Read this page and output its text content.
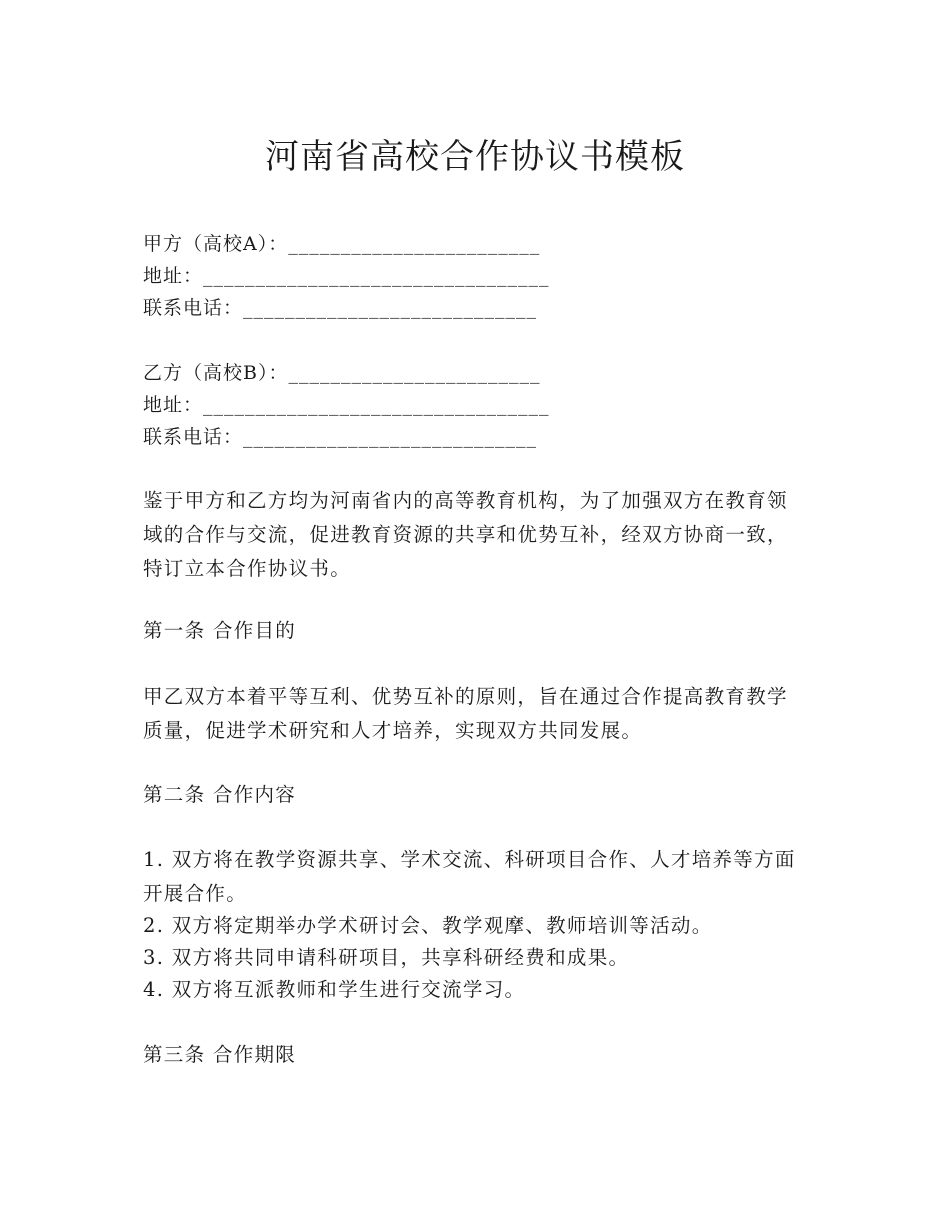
河南省高校合作协议书模板
甲方（高校A）：________________________
地址：_________________________________
联系电话：____________________________
乙方（高校B）：________________________
地址：_________________________________
联系电话：____________________________
鉴于甲方和乙方均为河南省内的高等教育机构，为了加强双方在教育领域的合作与交流，促进教育资源的共享和优势互补，经双方协商一致，特订立本合作协议书。
第一条 合作目的
甲乙双方本着平等互利、优势互补的原则，旨在通过合作提高教育教学质量，促进学术研究和人才培养，实现双方共同发展。
第二条 合作内容
1. 双方将在教学资源共享、学术交流、科研项目合作、人才培养等方面开展合作。
2. 双方将定期举办学术研讨会、教学观摩、教师培训等活动。
3. 双方将共同申请科研项目，共享科研经费和成果。
4. 双方将互派教师和学生进行交流学习。
第三条 合作期限
